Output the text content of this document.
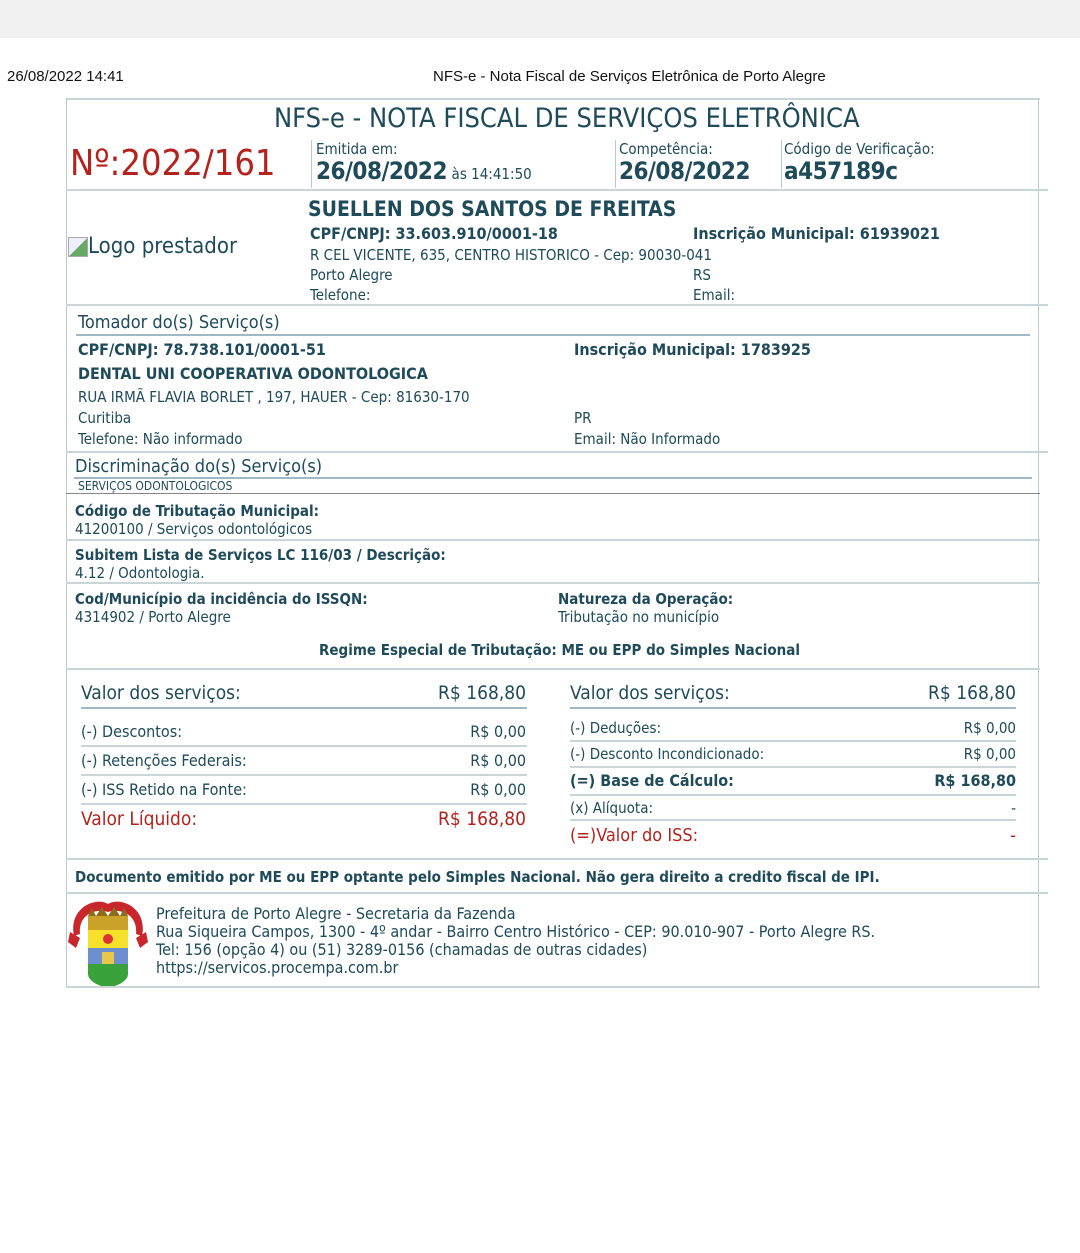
26/08/2022 14:41	NFS-e - Nota Fiscal de Serviços Eletrônica de Porto Alegre
NFS-e - NOTA FISCAL DE SERVIÇOS ELETRÔNICA
Nº:2022/161	Emitida em:
26/08/2022 às 14:41:50
Competência:
26/08/2022
Código de Verificação:
a457189c
Logo prestador
SUELLEN DOS SANTOS DE FREITAS
CPF/CNPJ: 33.603.910/0001-18	Inscrição Municipal: 61939021
R CEL VICENTE, 635, CENTRO HISTORICO - Cep: 90030-041
Porto Alegre	RS
Telefone:	Email:
Tomador do(s) Serviço(s)
CPF/CNPJ: 78.738.101/0001-51	Inscrição Municipal: 1783925
DENTAL UNI COOPERATIVA ODONTOLOGICA
RUA IRMÃ FLAVIA BORLET , 197, HAUER - Cep: 81630-170
Curitiba	PR
Telefone: Não informado	Email: Não Informado
Discriminação do(s) Serviço(s)
SERVIÇOS ODONTOLOGICOS
Código de Tributação Municipal:
41200100 / Serviços odontológicos
Subitem Lista de Serviços LC 116/03 / Descrição:
4.12 / Odontologia.
Cod/Município da incidência do ISSQN:
4314902 / Porto Alegre
Natureza da Operação:
Tributação no município
Regime Especial de Tributação: ME ou EPP do Simples Nacional
Valor dos serviços:	R$ 168,80
(-) Descontos:	R$ 0,00
(-) Retenções Federais:	R$ 0,00
(-) ISS Retido na Fonte:	R$ 0,00
Valor Líquido:	R$ 168,80
Valor dos serviços:	R$ 168,80
(-) Deduções:	R$ 0,00
(-) Desconto Incondicionado:	R$ 0,00
(=) Base de Cálculo:	R$ 168,80
(x) Alíquota:	-
(=)Valor do ISS:	-
Documento emitido por ME ou EPP optante pelo Simples Nacional. Não gera direito a credito fiscal de IPI.
Prefeitura de Porto Alegre - Secretaria da Fazenda
Rua Siqueira Campos, 1300 - 4º andar - Bairro Centro Histórico - CEP: 90.010-907 - Porto Alegre RS.
Tel: 156 (opção 4) ou (51) 3289-0156 (chamadas de outras cidades)
https://servicos.procempa.com.br
